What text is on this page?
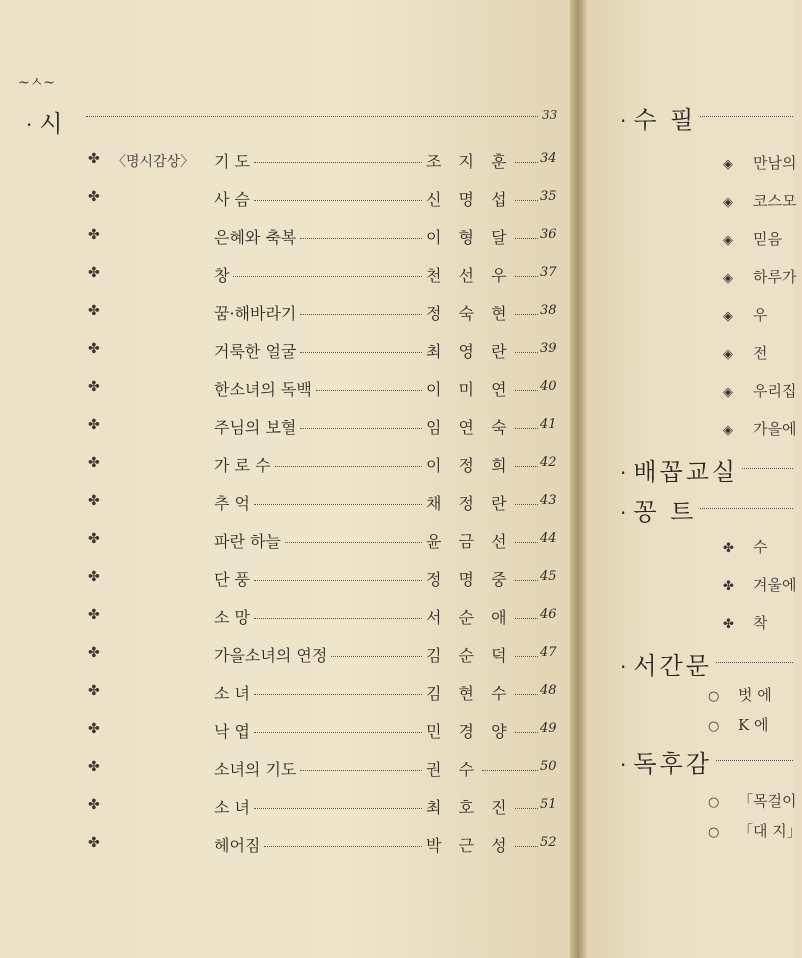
~ㅅ~
· 시	33
✤ 〈명시감상〉 기 도	조 지 훈 34
✤	사 슴	신 명 섭 35
✤	은혜와 축복	이 형 달 36
✤	창	천 선 우 37
✤	꿈·해바라기	정 숙 현 38
✤	거룩한 얼굴	최 영 란 39
✤	한소녀의 독백	이 미 연 40
✤	주님의 보혈	임 연 숙 41
✤	가 로 수	이 정 희 42
✤	추 억	채 정 란 43
✤	파란 하늘	윤 금 선 44
✤	단 풍	정 명 중 45
✤	소 망	서 순 애 46
✤	가을소녀의 연정	김 순 덕 47
✤	소 녀	김 현 수 48
✤	낙 엽	민 경 양 49
✤	소녀의 기도	권 수	50
✤	소 녀	최 호 진 51
✤	헤어짐	박 근 성 52
· 수 필
◈ 만남의
◈ 코스모
◈ 믿음
◈ 하루가
◈ 우
◈ 전
◈ 우리집
◈ 가을에
· 배꼽교실
· 꽁 트
✤ 수
✤ 겨울에
✤ 착
· 서간문
○ 벗 에
○ K 에
· 독후감
○ 「목걸이
○ 「대 지」
